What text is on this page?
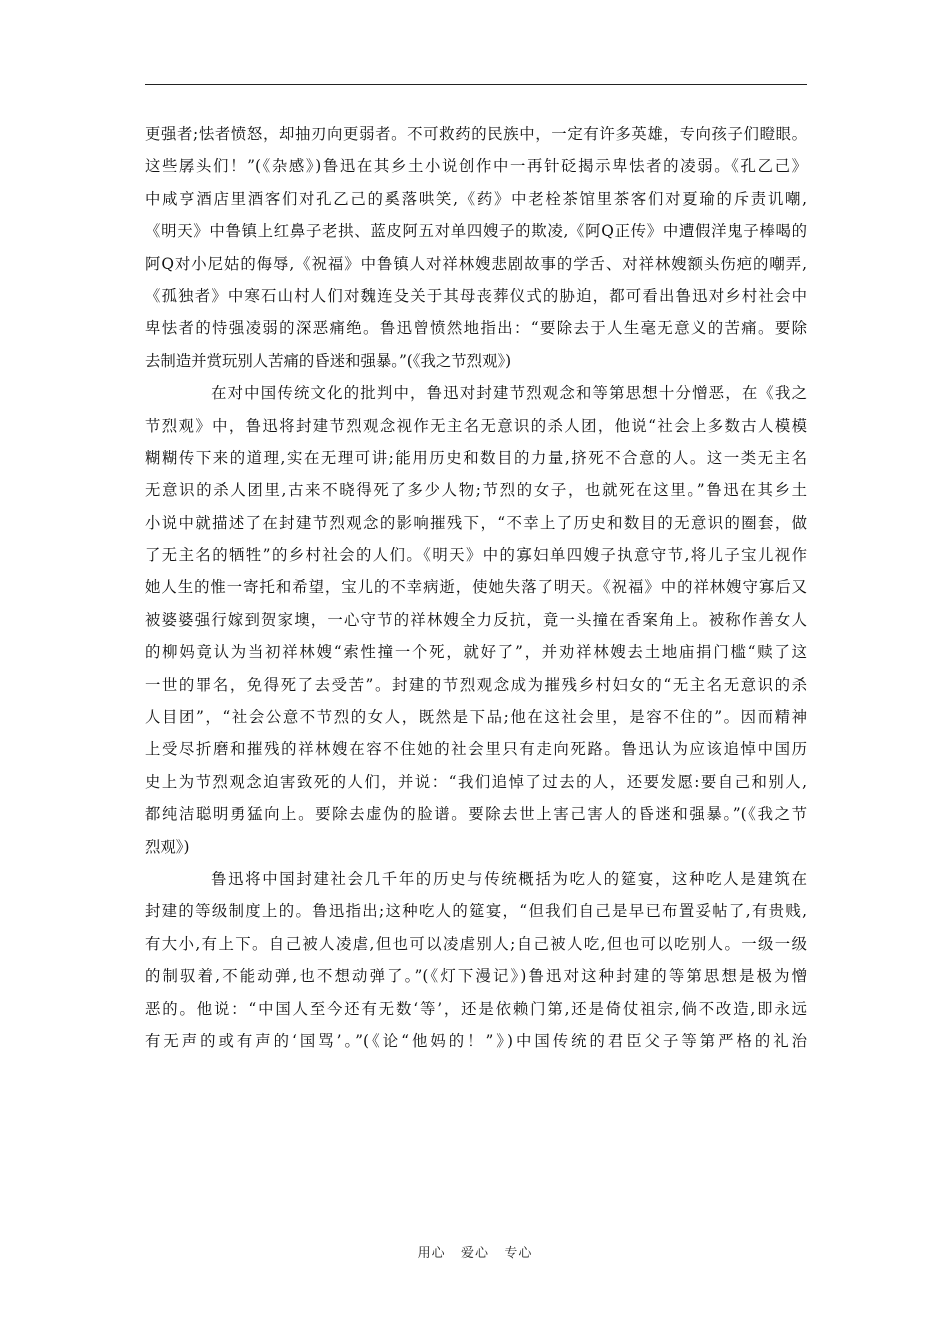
更强者;怯者愤怒，却抽刃向更弱者。不可救药的民族中，一定有许多英雄，专向孩子们瞪眼。
这些孱头们！”(《杂感》)鲁迅在其乡土小说创作中一再针砭揭示卑怯者的凌弱。《孔乙己》
中咸亨酒店里酒客们对孔乙己的奚落哄笑,《药》中老栓茶馆里茶客们对夏瑜的斥责讥嘲,
《明天》中鲁镇上红鼻子老拱、蓝皮阿五对单四嫂子的欺凌,《阿Q正传》中遭假洋鬼子棒喝的
阿Q对小尼姑的侮辱,《祝福》中鲁镇人对祥林嫂悲剧故事的学舌、对祥林嫂额头伤疤的嘲弄,
《孤独者》中寒石山村人们对魏连殳关于其母丧葬仪式的胁迫，都可看出鲁迅对乡村社会中
卑怯者的恃强凌弱的深恶痛绝。鲁迅曾愤然地指出：“要除去于人生毫无意义的苦痛。要除
去制造并赏玩别人苦痛的昏迷和强暴。”(《我之节烈观》)
在对中国传统文化的批判中，鲁迅对封建节烈观念和等第思想十分憎恶，在《我之
节烈观》中，鲁迅将封建节烈观念视作无主名无意识的杀人团，他说“社会上多数古人模模
糊糊传下来的道理,实在无理可讲;能用历史和数目的力量,挤死不合意的人。这一类无主名
无意识的杀人团里,古来不晓得死了多少人物;节烈的女子，也就死在这里。”鲁迅在其乡土
小说中就描述了在封建节烈观念的影响摧残下，“不幸上了历史和数目的无意识的圈套，做
了无主名的牺牲”的乡村社会的人们。《明天》中的寡妇单四嫂子执意守节,将儿子宝儿视作
她人生的惟一寄托和希望，宝儿的不幸病逝，使她失落了明天。《祝福》中的祥林嫂守寡后又
被婆婆强行嫁到贺家墺，一心守节的祥林嫂全力反抗，竟一头撞在香案角上。被称作善女人
的柳妈竟认为当初祥林嫂“索性撞一个死，就好了”，并劝祥林嫂去土地庙捐门槛“赎了这
一世的罪名，免得死了去受苦”。封建的节烈观念成为摧残乡村妇女的“无主名无意识的杀
人目团”，“社会公意不节烈的女人，既然是下品;他在这社会里，是容不住的”。因而精神
上受尽折磨和摧残的祥林嫂在容不住她的社会里只有走向死路。鲁迅认为应该追悼中国历
史上为节烈观念迫害致死的人们，并说：“我们追悼了过去的人，还要发愿:要自己和别人,
都纯洁聪明勇猛向上。要除去虚伪的脸谱。要除去世上害己害人的昏迷和强暴。”(《我之节
烈观》)
鲁迅将中国封建社会几千年的历史与传统概括为吃人的筵宴，这种吃人是建筑在
封建的等级制度上的。鲁迅指出;这种吃人的筵宴，“但我们自己是早已布置妥帖了,有贵贱,
有大小,有上下。自己被人凌虐,但也可以凌虐别人;自己被人吃,但也可以吃别人。一级一级
的制驭着,不能动弹,也不想动弹了。”(《灯下漫记》)鲁迅对这种封建的等第思想是极为憎
恶的。他说：“中国人至今还有无数‘等’，还是依赖门第,还是倚仗祖宗,倘不改造,即永远
有无声的或有声的‘国骂’。”(《论“他妈的！”》)中国传统的君臣父子等第严格的礼治
用心   爱心   专心
